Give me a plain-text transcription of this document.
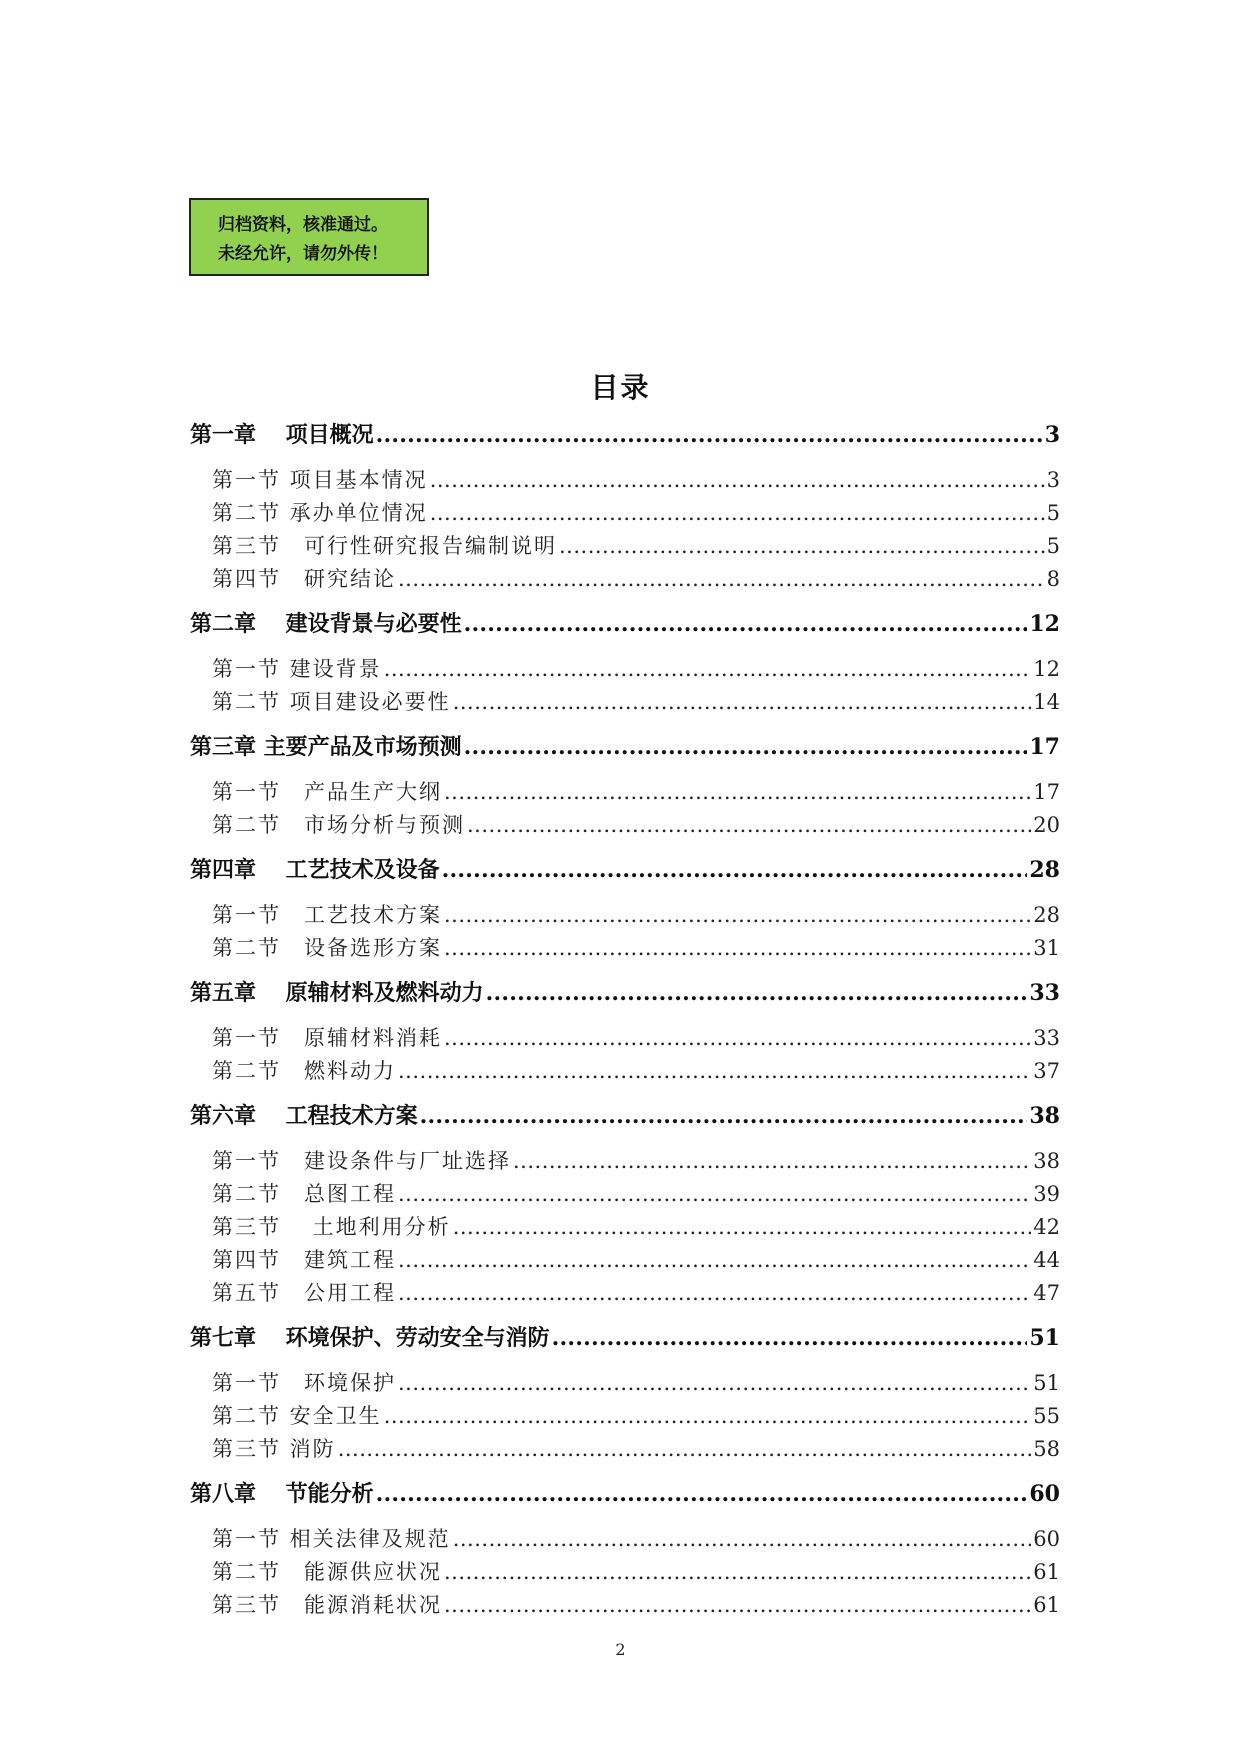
归档资料，核准通过。
未经允许，请勿外传！
目录
第一章　 项目概况 .....	3
第一节 项目基本情况 .....	3
第二节 承办单位情况 .....	5
第三节　可行性研究报告编制说明 .....	5
第四节　研究结论 .....	8
第二章　 建设背景与必要性 .....	12
第一节 建设背景 .....	12
第二节 项目建设必要性 .....	14
第三章 主要产品及市场预测 .....	17
第一节　产品生产大纲 .....	17
第二节　市场分析与预测 .....	20
第四章　 工艺技术及设备 .....	28
第一节　工艺技术方案 .....	28
第二节　设备选形方案 .....	31
第五章　 原辅材料及燃料动力 .....	33
第一节　原辅材料消耗 .....	33
第二节　燃料动力 .....	37
第六章　 工程技术方案 .....	38
第一节　建设条件与厂址选择 .....	38
第二节　总图工程 .....	39
第三节　 土地利用分析 .....	42
第四节　建筑工程 .....	44
第五节　公用工程 .....	47
第七章　 环境保护、劳动安全与消防 .....	51
第一节　环境保护 .....	51
第二节 安全卫生 .....	55
第三节 消防 .....	58
第八章　 节能分析 .....	60
第一节 相关法律及规范 .....	60
第二节　能源供应状况 .....	61
第三节　能源消耗状况 .....	61
2
